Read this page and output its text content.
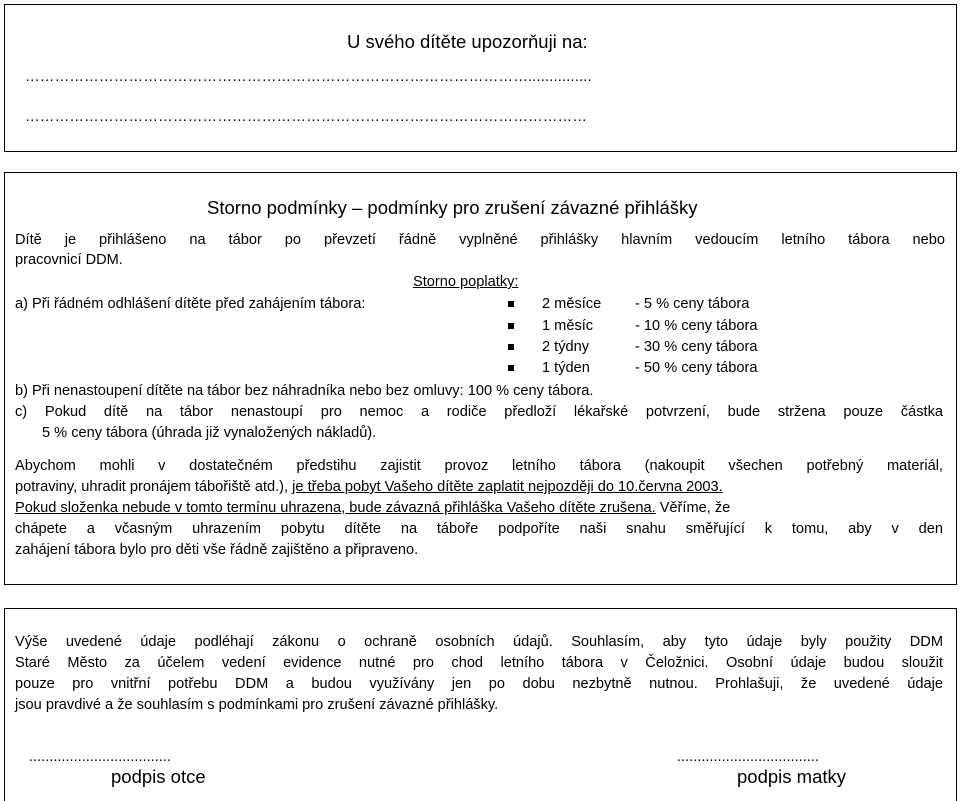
U svého dítěte upozorňuji na:
…………………………………………………………………………………………...............
……………………………………………………………………………………………………
Storno podmínky – podmínky pro zrušení závazné přihlášky
Dítě je přihlášeno na tábor po převzetí řádně vyplněné přihlášky hlavním vedoucím letního tábora nebo
pracovnicí DDM.
Storno poplatky:
a) Při řádném odhlášení dítěte před zahájením tábora:	2 měsíce - 5 % ceny tábora
1 měsíc	- 10 % ceny tábora
2 týdny	- 30 % ceny tábora
1 týden	- 50 % ceny tábora
b) Při nenastoupení dítěte na tábor bez náhradníka nebo bez omluvy: 100 % ceny tábora.
c) Pokud dítě na tábor nenastoupí pro nemoc a rodiče předloží lékařské potvrzení, bude stržena pouze částka
5 % ceny tábora (úhrada již vynaložených nákladů).
Abychom mohli v dostatečném předstihu zajistit provoz letního tábora (nakoupit všechen potřebný materiál,
potraviny, uhradit pronájem tábořiště atd.), je třeba pobyt Vašeho dítěte zaplatit nejpozději do 10.června 2003.
Pokud složenka nebude v tomto termínu uhrazena, bude závazná přihláška Vašeho dítěte zrušena. Věříme, že
chápete a včasným uhrazením pobytu dítěte na táboře podpoříte naši snahu směřující k tomu, aby v den
zahájení tábora bylo pro děti vše řádně zajištěno a připraveno.
Výše uvedené údaje podléhají zákonu o ochraně osobních údajů. Souhlasím, aby tyto údaje byly použity DDM
Staré Město za účelem vedení evidence nutné pro chod letního tábora v Čeložnici. Osobní údaje budou sloužit
pouze pro vnitřní potřebu DDM a budou využívány jen po dobu nezbytně nutnou. Prohlašuji, že uvedené údaje
jsou pravdivé a že souhlasím s podmínkami pro zrušení závazné přihlášky.
...................................
podpis otce
...................................
podpis matky
